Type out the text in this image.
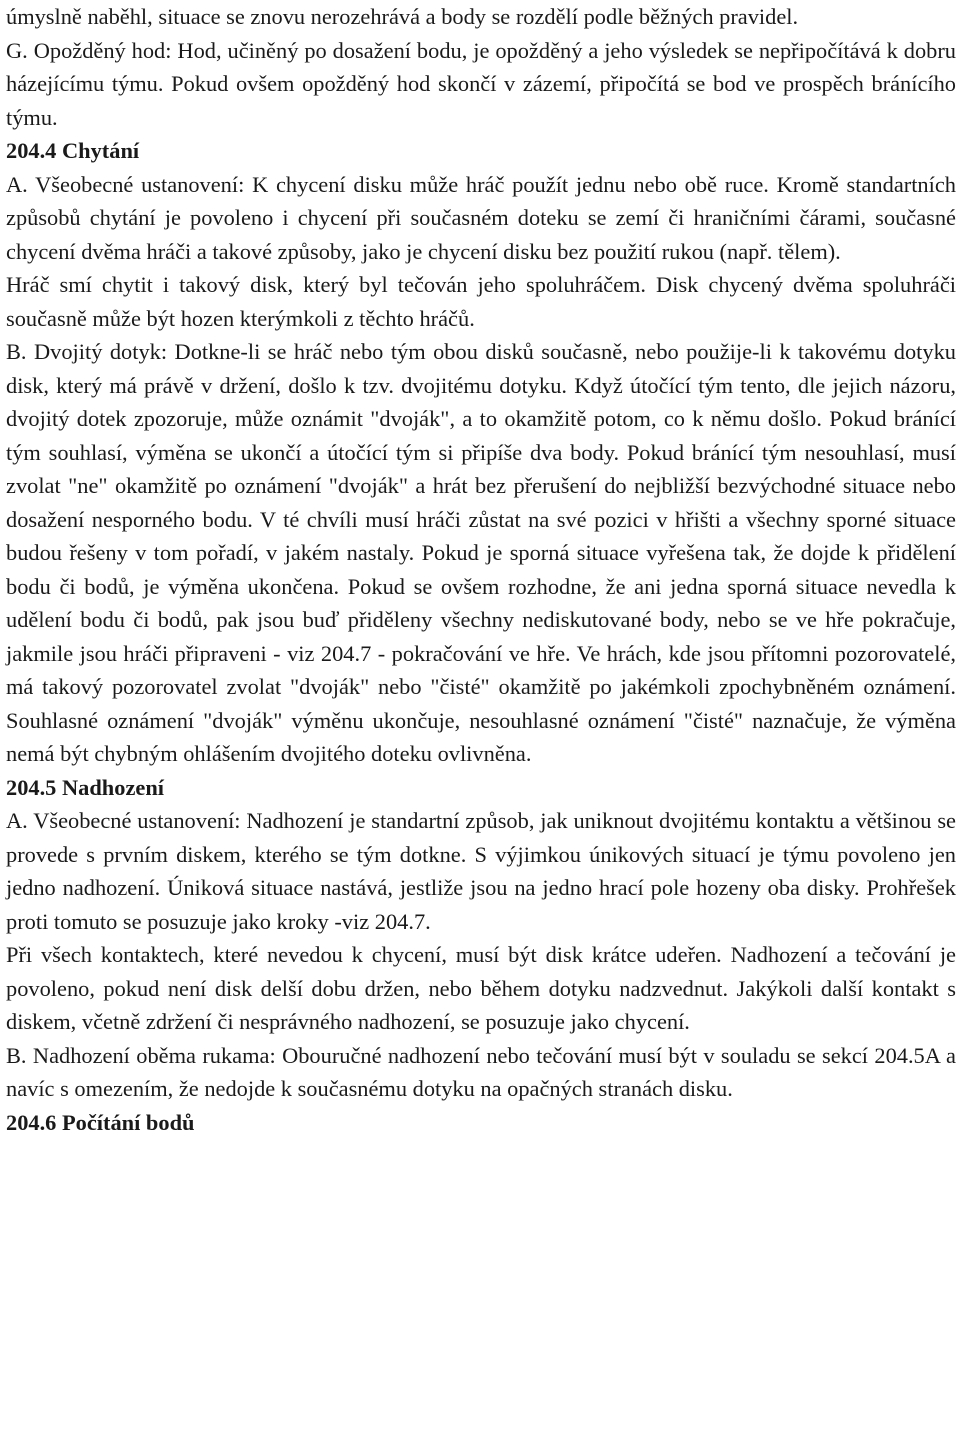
úmyslně naběhl, situace se znovu nerozehrává a body se rozdělí podle běžných pravidel.

G. Opožděný hod: Hod, učiněný po dosažení bodu, je opožděný a jeho výsledek se nepřipočítává k dobru házejícímu týmu. Pokud ovšem opožděný hod skončí v zázemí, připočítá se bod ve prospěch bránícího týmu.

204.4 Chytání

A. Všeobecné ustanovení: K chycení disku může hráč použít jednu nebo obě ruce. Kromě standartních způsobů chytání je povoleno i chycení při současném doteku se zemí či hraničními čárami, současné chycení dvěma hráči a takové způsoby, jako je chycení disku bez použití rukou (např. tělem).

Hráč smí chytit i takový disk, který byl tečován jeho spoluhráčem. Disk chycený dvěma spoluhráči současně může být hozen kterýmkoli z těchto hráčů.

B. Dvojitý dotyk: Dotkne-li se hráč nebo tým obou disků současně, nebo použije-li k takovému dotyku disk, který má právě v držení, došlo k tzv. dvojitému dotyku. Když útočící tým tento, dle jejich názoru, dvojitý dotek zpozoruje, může oznámit "dvoják", a to okamžitě potom, co k němu došlo. Pokud bránící tým souhlasí, výměna se ukončí a útočící tým si připíše dva body. Pokud bránící tým nesouhlasí, musí zvolat "ne" okamžitě po oznámení "dvoják" a hrát bez přerušení do nejbližší bezvýchodné situace nebo dosažení nesporného bodu. V té chvíli musí hráči zůstat na své pozici v hřišti a všechny sporné situace budou řešeny v tom pořadí, v jakém nastaly. Pokud je sporná situace vyřešena tak, že dojde k přidělení bodu či bodů, je výměna ukončena. Pokud se ovšem rozhodne, že ani jedna sporná situace nevedla k udělení bodu či bodů, pak jsou buď přiděleny všechny nediskutované body, nebo se ve hře pokračuje, jakmile jsou hráči připraveni - viz 204.7 - pokračování ve hře. Ve hrách, kde jsou přítomni pozorovatelé, má takový pozorovatel zvolat "dvoják" nebo "čisté" okamžitě po jakémkoli zpochybněném oznámení. Souhlasné oznámení "dvoják" výměnu ukončuje, nesouhlasné oznámení "čisté" naznačuje, že výměna nemá být chybným ohlášením dvojitého doteku ovlivněna.

204.5 Nadhození

A. Všeobecné ustanovení: Nadhození je standartní způsob, jak uniknout dvojitému kontaktu a většinou se provede s prvním diskem, kterého se tým dotkne. S výjimkou únikových situací je týmu povoleno jen jedno nadhození. Úniková situace nastává, jestliže jsou na jedno hrací pole hozeny oba disky. Prohřešek proti tomuto se posuzuje jako kroky -viz 204.7.

Při všech kontaktech, které nevedou k chycení, musí být disk krátce udeřen. Nadhození a tečování je povoleno, pokud není disk delší dobu držen, nebo během dotyku nadzvednut. Jakýkoli další kontakt s diskem, včetně zdržení či nesprávného nadhození, se posuzuje jako chycení.

B. Nadhození oběma rukama: Obouručné nadhození nebo tečování musí být v souladu se sekcí 204.5A a navíc s omezením, že nedojde k současnému dotyku na opačných stranách disku.

204.6 Počítání bodů
